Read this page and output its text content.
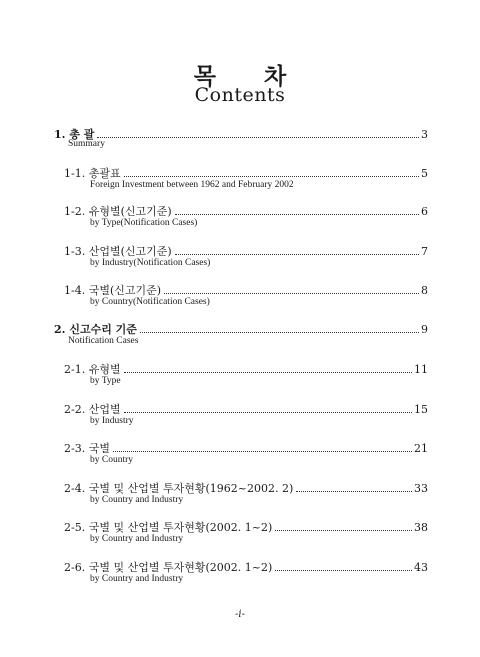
목 차
Contents
1. 총 괄	3
Summary
1-1. 총괄표	5
Foreign Investment between 1962 and February 2002
1-2. 유형별(신고기준)	6
by Type(Notification Cases)
1-3. 산업별(신고기준)	7
by Industry(Notification Cases)
1-4. 국별(신고기준)	8
by Country(Notification Cases)
2. 신고수리 기준	9
Notification Cases
2-1. 유형별	11
by Type
2-2. 산업별	15
by Industry
2-3. 국별	21
by Country
2-4. 국별 및 산업별 투자현황(1962~2002. 2)	33
by Country and Industry
2-5. 국별 및 산업별 투자현황(2002. 1~2)	38
by Country and Industry
2-6. 국별 및 산업별 투자현황(2002. 1~2)	43
by Country and Industry
-i-
